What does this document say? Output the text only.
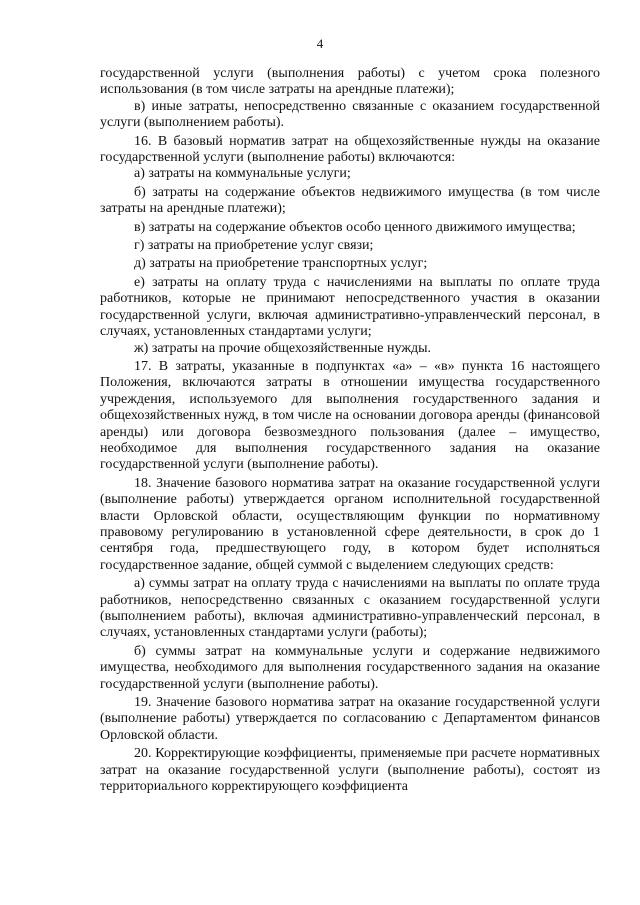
4

государственной услуги (выполнения работы) с учетом срока полезного использования (в том числе затраты на арендные платежи);

в) иные затраты, непосредственно связанные с оказанием государственной услуги (выполнением работы).

16. В базовый норматив затрат на общехозяйственные нужды на оказание государственной услуги (выполнение работы) включаются:

а) затраты на коммунальные услуги;

б) затраты на содержание объектов недвижимого имущества (в том числе затраты на арендные платежи);

в) затраты на содержание объектов особо ценного движимого имущества;

г) затраты на приобретение услуг связи;

д) затраты на приобретение транспортных услуг;

е) затраты на оплату труда с начислениями на выплаты по оплате труда работников, которые не принимают непосредственного участия в оказании государственной услуги, включая административно-управленческий персонал, в случаях, установленных стандартами услуги;

ж) затраты на прочие общехозяйственные нужды.

17. В затраты, указанные в подпунктах «а» – «в» пункта 16 настоящего Положения, включаются затраты в отношении имущества государственного учреждения, используемого для выполнения государственного задания и общехозяйственных нужд, в том числе на основании договора аренды (финансовой аренды) или договора безвозмездного пользования (далее – имущество, необходимое для выполнения государственного задания на оказание государственной услуги (выполнение работы).

18. Значение базового норматива затрат на оказание государственной услуги (выполнение работы) утверждается органом исполнительной государственной власти Орловской области, осуществляющим функции по нормативному правовому регулированию в установленной сфере деятельности, в срок до 1 сентября года, предшествующего году, в котором будет исполняться государственное задание, общей суммой с выделением следующих средств:

а) суммы затрат на оплату труда с начислениями на выплаты по оплате труда работников, непосредственно связанных с оказанием государственной услуги (выполнением работы), включая административно-управленческий персонал, в случаях, установленных стандартами услуги (работы);

б) суммы затрат на коммунальные услуги и содержание недвижимого имущества, необходимого для выполнения государственного задания на оказание государственной услуги (выполнение работы).

19. Значение базового норматива затрат на оказание государственной услуги (выполнение работы) утверждается по согласованию с Департаментом финансов Орловской области.

20. Корректирующие коэффициенты, применяемые при расчете нормативных затрат на оказание государственной услуги (выполнение работы), состоят из территориального корректирующего коэффициента
